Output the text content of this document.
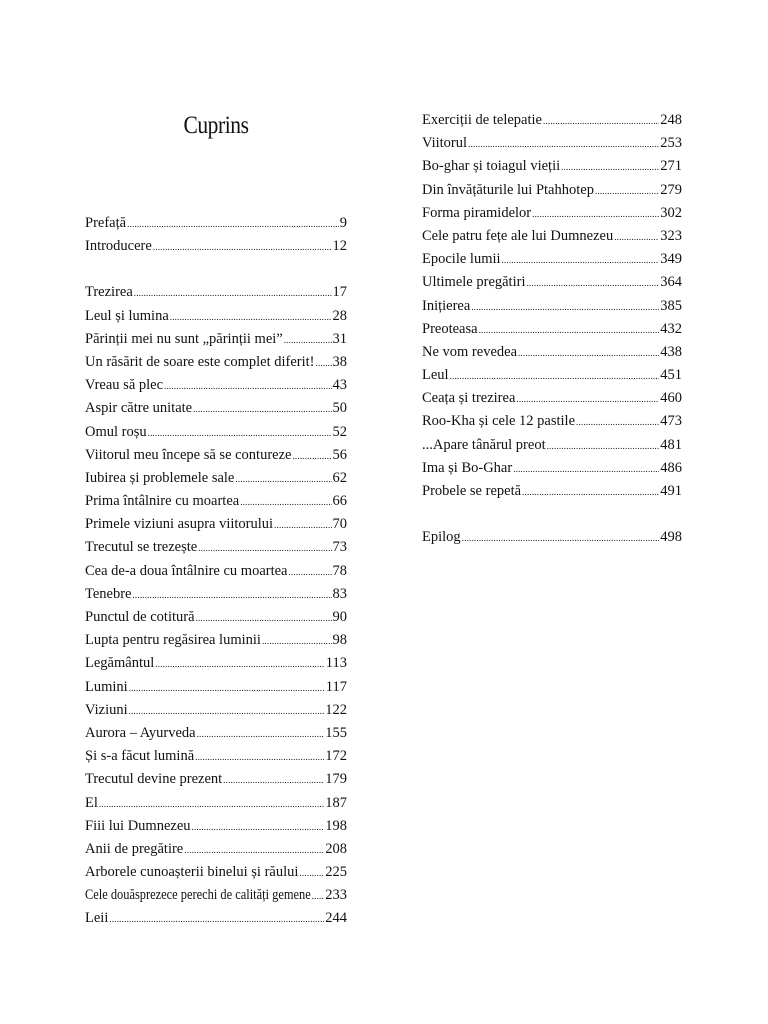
Cuprins
Prefață .....	9
Introducere .....	12
Trezirea .....	17
Leul și lumina .....	28
Părinții mei nu sunt „părinții mei” .....	31
Un răsărit de soare este complet diferit! ..... 38
Vreau să plec .....	43
Aspir către unitate .....	50
Omul roșu .....	52
Viitorul meu începe să se contureze .....	56
Iubirea și problemele sale .....	62
Prima întâlnire cu moartea .....	66
Primele viziuni asupra viitorului .....	70
Trecutul se trezește .....	73
Cea de-a doua întâlnire cu moartea .....	78
Tenebre .....	83
Punctul de cotitură .....	90
Lupta pentru regăsirea luminii .....	98
Legământul .....	113
Lumini .....	117
Viziuni .....	122
Aurora – Ayurveda .....	155
Și s-a făcut lumină .....	172
Trecutul devine prezent .....	179
El .....	187
Fiii lui Dumnezeu .....	198
Anii de pregătire .....	208
Arborele cunoașterii binelui și răului ..... 225
Cele douăsprezece perechi de calități gemene ..... 233
Leii .....	244
Exerciții de telepatie .....	248
Viitorul .....	253
Bo-ghar și toiagul vieții .....	271
Din învățăturile lui Ptahhotep .....	279
Forma piramidelor .....	302
Cele patru fețe ale lui Dumnezeu .....	323
Epocile lumii .....	349
Ultimele pregătiri .....	364
Inițierea .....	385
Preoteasa .....	432
Ne vom revedea .....	438
Leul .....	451
Ceața și trezirea .....	460
Roo-Kha și cele 12 pastile .....	473
...Apare tânărul preot .....	481
Ima și Bo-Ghar .....	486
Probele se repetă .....	491
Epilog .....	498
